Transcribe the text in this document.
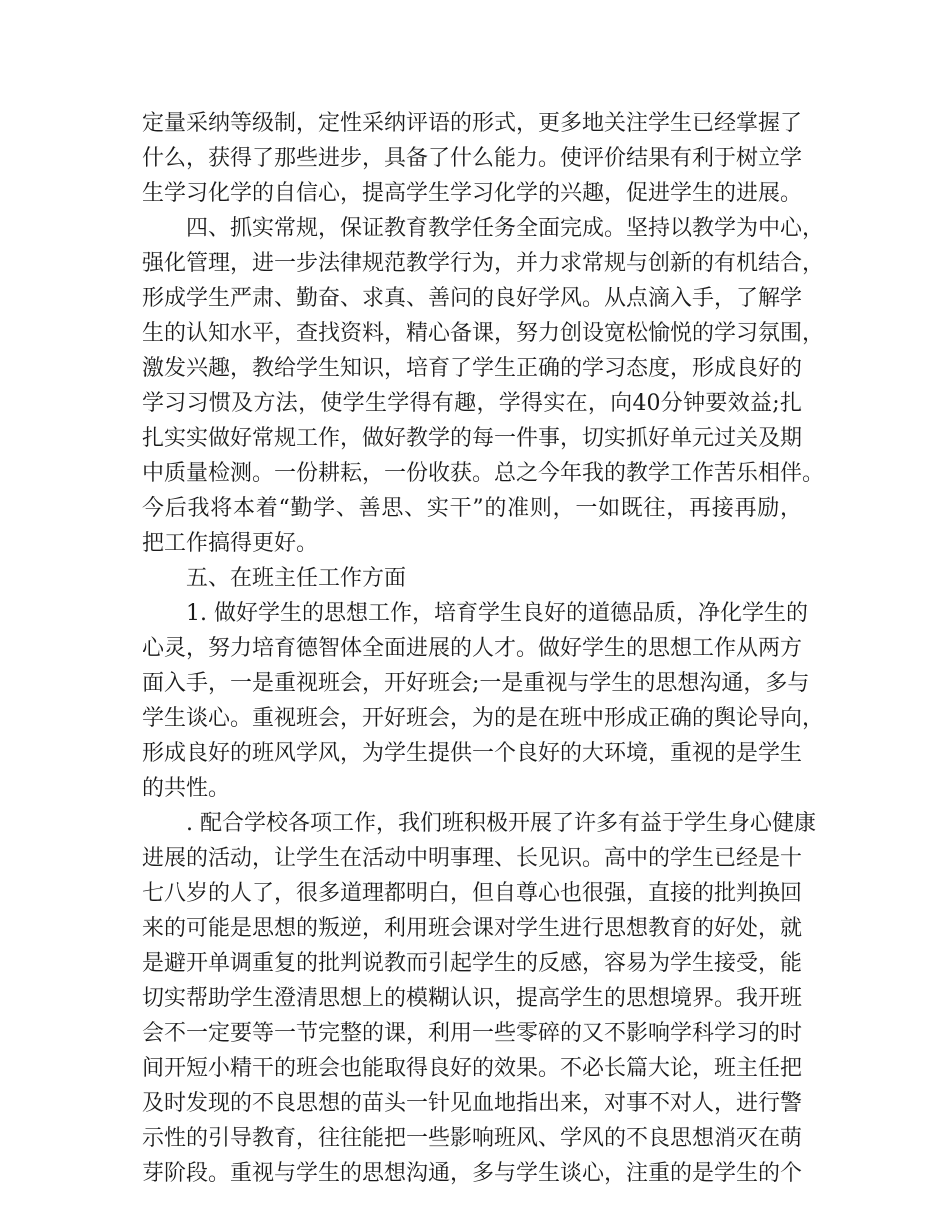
定量采纳等级制，定性采纳评语的形式，更多地关注学生已经掌握了
什么，获得了那些进步，具备了什么能力。使评价结果有利于树立学
生学习化学的自信心，提高学生学习化学的兴趣，促进学生的进展。
四、抓实常规，保证教育教学任务全面完成。坚持以教学为中心，
强化管理，进一步法律规范教学行为，并力求常规与创新的有机结合，
形成学生严肃、勤奋、求真、善问的良好学风。从点滴入手，了解学
生的认知水平，查找资料，精心备课，努力创设宽松愉悦的学习氛围，
激发兴趣，教给学生知识，培育了学生正确的学习态度，形成良好的
学习习惯及方法，使学生学得有趣，学得实在，向40分钟要效益;扎
扎实实做好常规工作，做好教学的每一件事，切实抓好单元过关及期
中质量检测。一份耕耘，一份收获。总之今年我的教学工作苦乐相伴。
今后我将本着“勤学、善思、实干”的准则，一如既往，再接再励，
把工作搞得更好。
五、在班主任工作方面
1. 做好学生的思想工作，培育学生良好的道德品质，净化学生的
心灵，努力培育德智体全面进展的人才。做好学生的思想工作从两方
面入手，一是重视班会，开好班会;一是重视与学生的思想沟通，多与
学生谈心。重视班会，开好班会，为的是在班中形成正确的舆论导向，
形成良好的班风学风，为学生提供一个良好的大环境，重视的是学生
的共性。
. 配合学校各项工作，我们班积极开展了许多有益于学生身心健康
进展的活动，让学生在活动中明事理、长见识。高中的学生已经是十
七八岁的人了，很多道理都明白，但自尊心也很强，直接的批判换回
来的可能是思想的叛逆，利用班会课对学生进行思想教育的好处，就
是避开单调重复的批判说教而引起学生的反感，容易为学生接受，能
切实帮助学生澄清思想上的模糊认识，提高学生的思想境界。我开班
会不一定要等一节完整的课，利用一些零碎的又不影响学科学习的时
间开短小精干的班会也能取得良好的效果。不必长篇大论，班主任把
及时发现的不良思想的苗头一针见血地指出来，对事不对人，进行警
示性的引导教育，往往能把一些影响班风、学风的不良思想消灭在萌
芽阶段。重视与学生的思想沟通，多与学生谈心，注重的是学生的个
